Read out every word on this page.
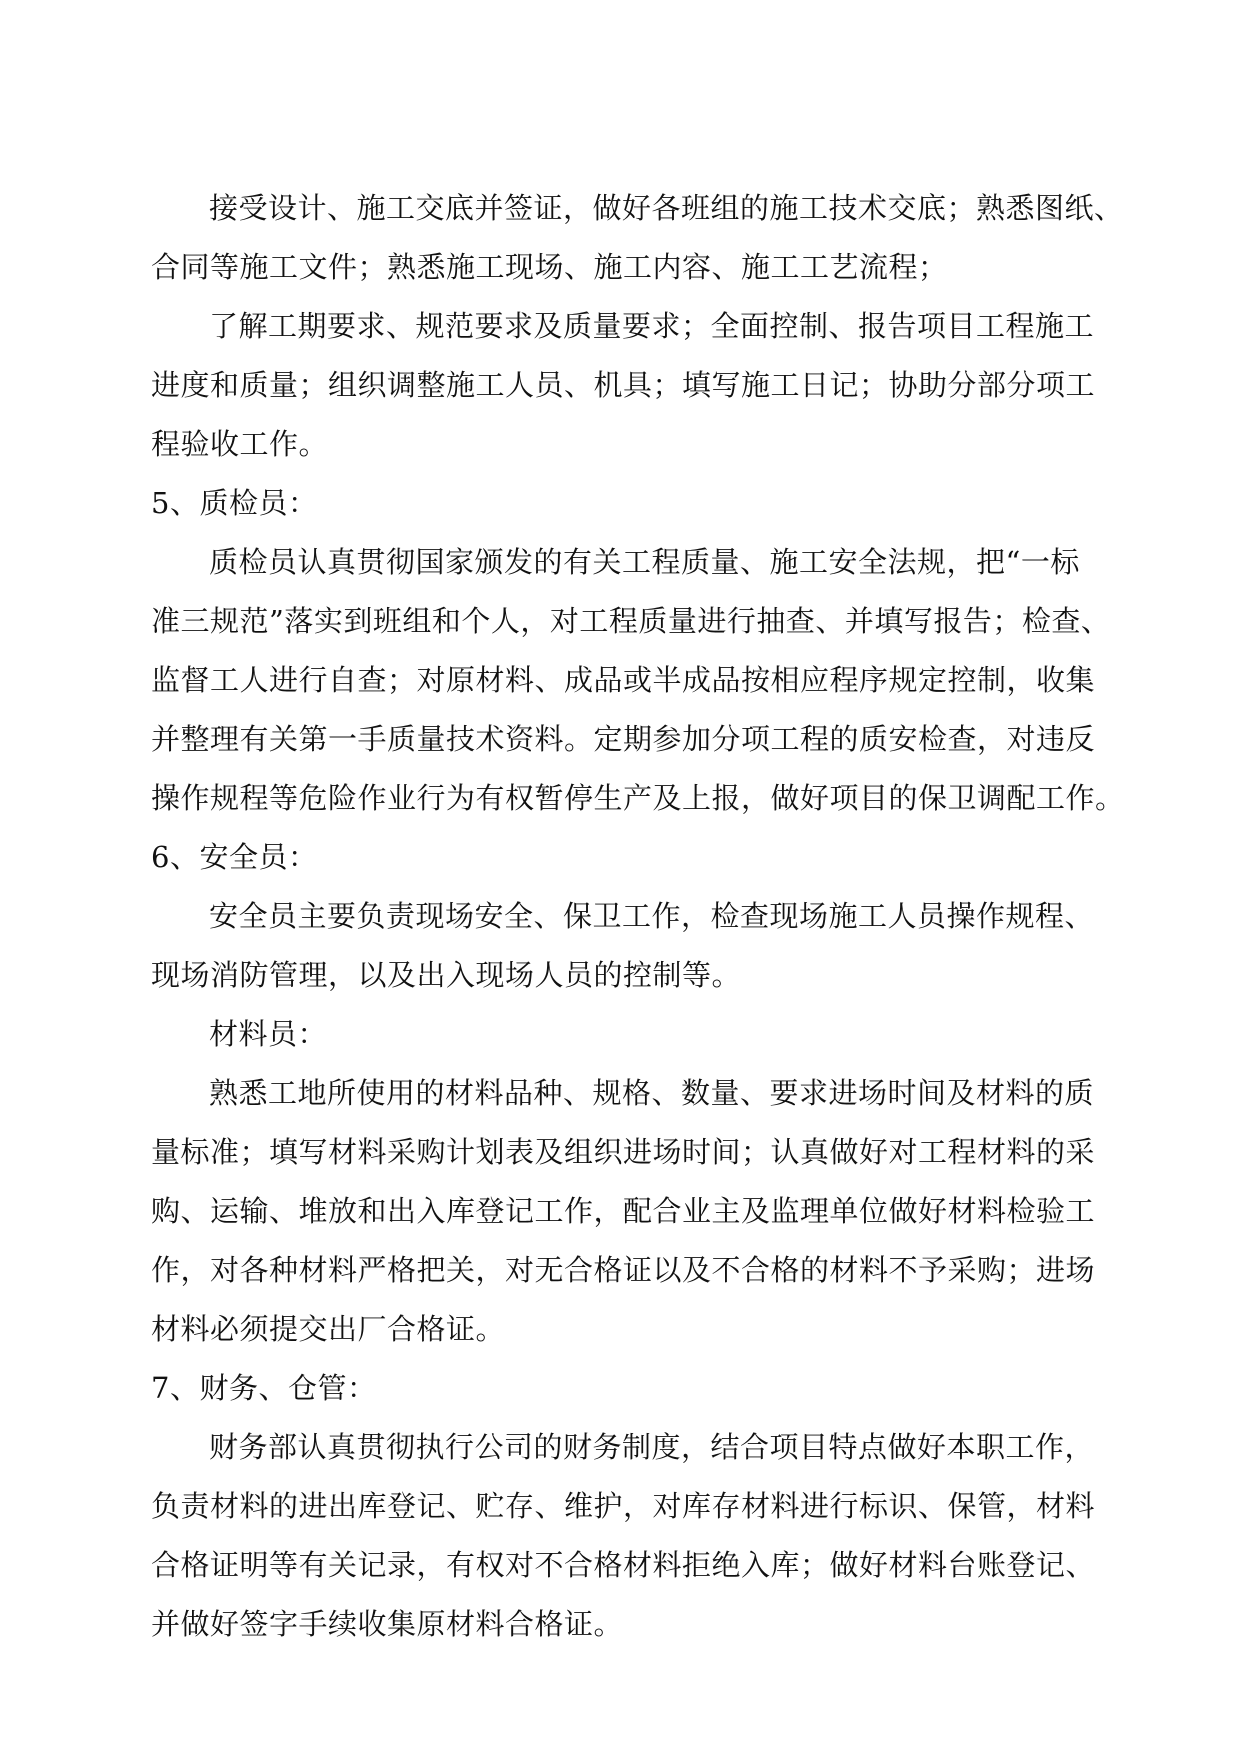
接受设计、施工交底并签证，做好各班组的施工技术交底；熟悉图纸、
合同等施工文件；熟悉施工现场、施工内容、施工工艺流程；
了解工期要求、规范要求及质量要求；全面控制、报告项目工程施工
进度和质量；组织调整施工人员、机具；填写施工日记；协助分部分项工
程验收工作。
5、质检员：
质检员认真贯彻国家颁发的有关工程质量、施工安全法规，把“一标
准三规范”落实到班组和个人，对工程质量进行抽查、并填写报告；检查、
监督工人进行自查；对原材料、成品或半成品按相应程序规定控制，收集
并整理有关第一手质量技术资料。定期参加分项工程的质安检查，对违反
操作规程等危险作业行为有权暂停生产及上报，做好项目的保卫调配工作。
6、安全员：
安全员主要负责现场安全、保卫工作，检查现场施工人员操作规程、
现场消防管理，以及出入现场人员的控制等。
材料员：
熟悉工地所使用的材料品种、规格、数量、要求进场时间及材料的质
量标准；填写材料采购计划表及组织进场时间；认真做好对工程材料的采
购、运输、堆放和出入库登记工作，配合业主及监理单位做好材料检验工
作，对各种材料严格把关，对无合格证以及不合格的材料不予采购；进场
材料必须提交出厂合格证。
7、财务、仓管：
财务部认真贯彻执行公司的财务制度，结合项目特点做好本职工作，
负责材料的进出库登记、贮存、维护，对库存材料进行标识、保管，材料
合格证明等有关记录，有权对不合格材料拒绝入库；做好材料台账登记、
并做好签字手续收集原材料合格证。
